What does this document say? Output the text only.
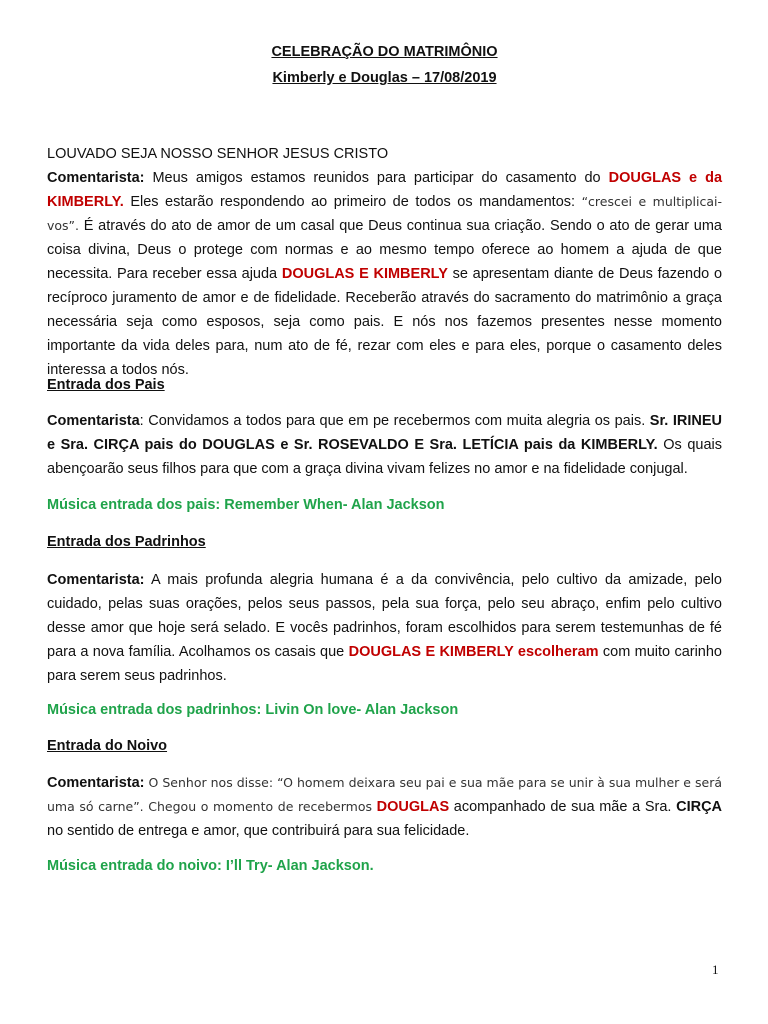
CELEBRAÇÃO DO MATRIMÔNIO
Kimberly e Douglas – 17/08/2019
LOUVADO SEJA NOSSO SENHOR JESUS CRISTO
Comentarista: Meus amigos estamos reunidos para participar do casamento do DOUGLAS e da KIMBERLY. Eles estarão respondendo ao primeiro de todos os mandamentos: “crescei e multiplicai-vos”. É através do ato de amor de um casal que Deus continua sua criação. Sendo o ato de gerar uma coisa divina, Deus o protege com normas e ao mesmo tempo oferece ao homem a ajuda de que necessita. Para receber essa ajuda DOUGLAS E KIMBERLY se apresentam diante de Deus fazendo o recíproco juramento de amor e de fidelidade. Receberão através do sacramento do matrimônio a graça necessária seja como esposos, seja como pais. E nós nos fazemos presentes nesse momento importante da vida deles para, num ato de fé, rezar com eles e para eles, porque o casamento deles interessa a todos nós.
Entrada dos Pais
Comentarista: Convidamos a todos para que em pe recebermos com muita alegria os pais. Sr. IRINEU e Sra. CIRÇA pais do DOUGLAS e Sr. ROSEVALDO E Sra. LETÍCIA pais da KIMBERLY. Os quais abençoarão seus filhos para que com a graça divina vivam felizes no amor e na fidelidade conjugal.
Música entrada dos pais: Remember When- Alan Jackson
Entrada dos Padrinhos
Comentarista: A mais profunda alegria humana é a da convivência, pelo cultivo da amizade, pelo cuidado, pelas suas orações, pelos seus passos, pela sua força, pelo seu abraço, enfim pelo cultivo desse amor que hoje será selado. E vocês padrinhos, foram escolhidos para serem testemunhas de fé para a nova família. Acolhamos os casais que DOUGLAS E KIMBERLY escolheram com muito carinho para serem seus padrinhos.
Música entrada dos padrinhos: Livin On love- Alan Jackson
Entrada do Noivo
Comentarista: O Senhor nos disse: “O homem deixara seu pai e sua mãe para se unir à sua mulher e será uma só carne”. Chegou o momento de recebermos DOUGLAS acompanhado de sua mãe a Sra. CIRÇA no sentido de entrega e amor, que contribuirá para sua felicidade.
Música entrada do noivo: I’ll Try- Alan Jackson.
1
